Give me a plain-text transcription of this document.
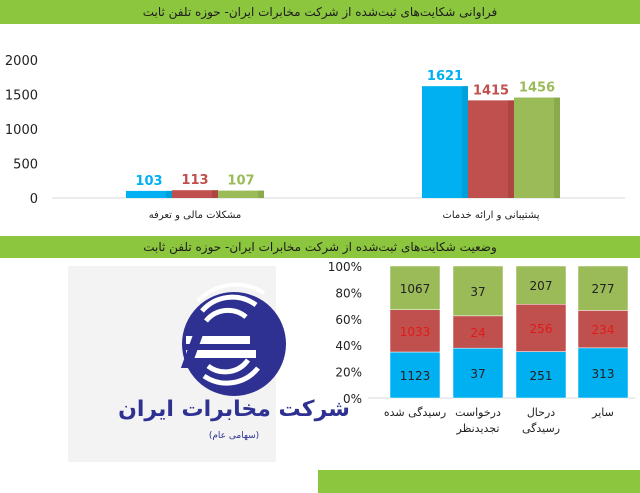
فراوانی شکایت‌های ثبت‌شده از شرکت مخابرات ایران- حوزه تلفن ثابت
0
500
1000
1500
2000
103 113 107
مشکلات مالی و تعرفه
1621
1415 1456
پشتیبانی و ارائه خدمات
وضعیت شکایت‌های ثبت‌شده از شرکت مخابرات ایران- حوزه تلفن ثابت
شرکت مخابرات ایران
(سهامی عام)
0%
20%
40%
60%
80%
100%
1123
1033
1067
رسیدگی شده
37
24
37
درخواست
تجدیدنظر
251
256
207
درحال
رسیدگی
313
234
277
سایر
